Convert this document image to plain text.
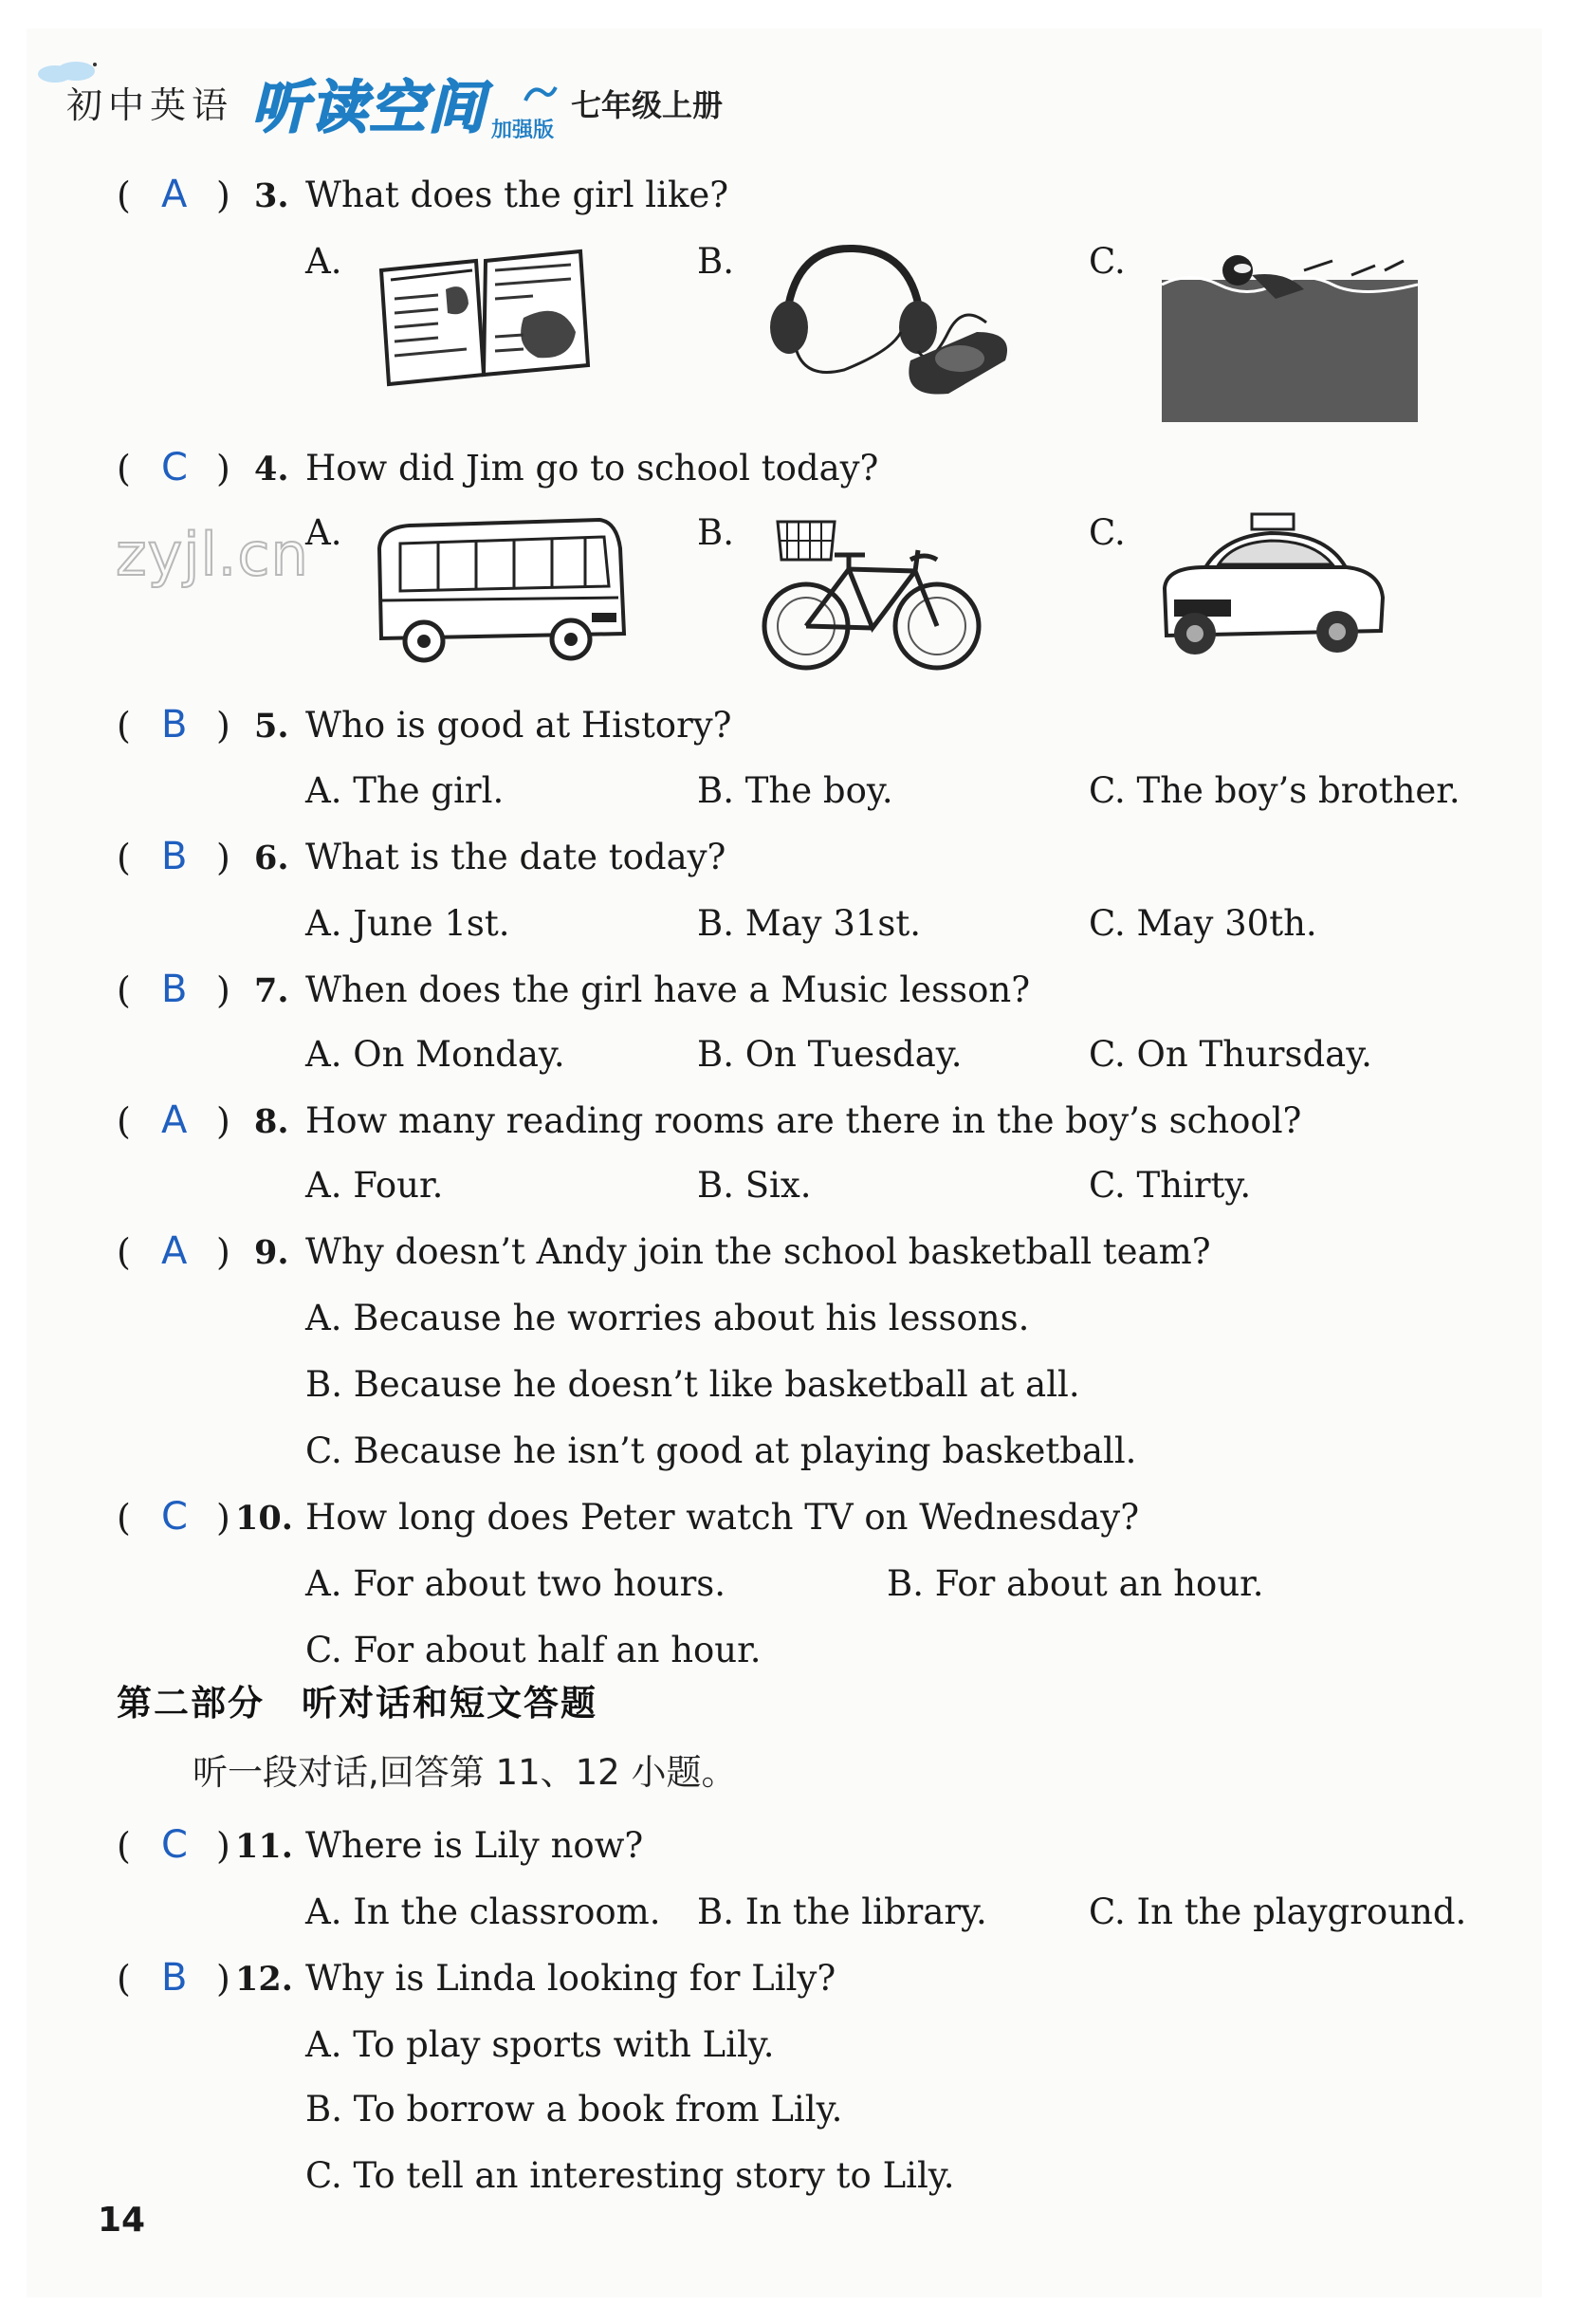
初中英语 听读空间 加强版
七年级上册
( A ) 3. What does the girl like?
A.	B.	C.
( C ) 4. How did Jim go to school today?
A.	B.	C.
zyjl.cn
( B ) 5. Who is good at History?
A. The girl.	B. The boy.	C. The boy’s brother.
( B ) 6. What is the date today?
A. June 1st.	B. May 31st.	C. May 30th.
( B ) 7. When does the girl have a Music lesson?
A. On Monday.	B. On Tuesday.	C. On Thursday.
( A ) 8. How many reading rooms are there in the boy’s school?
A. Four.	B. Six.	C. Thirty.
( A ) 9. Why doesn’t Andy join the school basketball team?
A. Because he worries about his lessons.
B. Because he doesn’t like basketball at all.
C. Because he isn’t good at playing basketball.
( C ) 10. How long does Peter watch TV on Wednesday?
A. For about two hours.	B. For about an hour.
C. For about half an hour.
第二部分　听对话和短文答题
听一段对话,回答第 11、12 小题。
( C ) 11. Where is Lily now?
A. In the classroom. B. In the library.	C. In the playground.
( B ) 12. Why is Linda looking for Lily?
A. To play sports with Lily.
B. To borrow a book from Lily.
C. To tell an interesting story to Lily.
14
